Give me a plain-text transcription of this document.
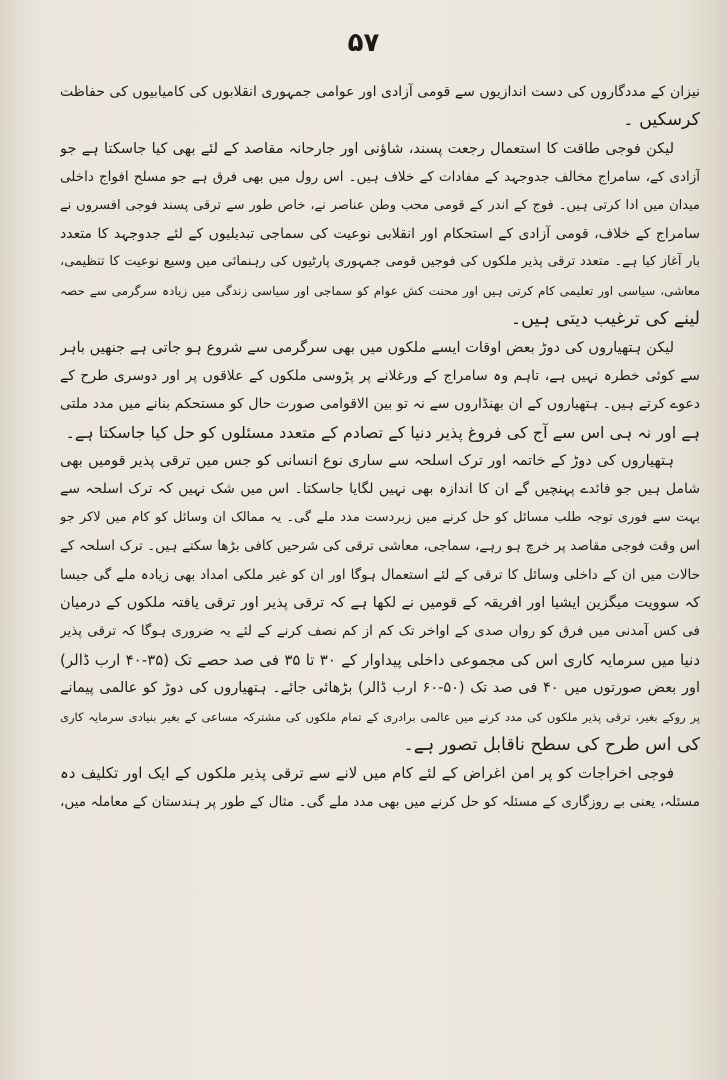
۵۷
نیزان کے مددگاروں کی دست اندازیوں سے قومی آزادی اور عوامی جمہوری انقلابوں کی کامیابیوں کی حفاظت
کرسکیں ۔
لیکن فوجی طاقت کا استعمال رجعت پسند، شاؤنی اور جارحانہ مقاصد کے لئے بھی کیا جاسکتا ہے جو
آزادی کے، سامراج مخالف جدوجہد کے مفادات کے خلاف ہیں۔ اس رول میں بھی فرق ہے جو مسلح افواج داخلی
میدان میں ادا کرتی ہیں۔ فوج کے اندر کے قومی محب وطن عناصر نے، خاص طور سے ترقی پسند فوجی افسروں نے
سامراج کے خلاف، قومی آزادی کے استحکام اور انقلابی نوعیت کی سماجی تبدیلیوں کے لئے جدوجہد کا متعدد
بار آغاز کیا ہے۔ متعدد ترقی پذیر ملکوں کی فوجیں قومی جمہوری پارٹیوں کی رہنمائی میں وسیع نوعیت کا تنظیمی،
معاشی، سیاسی اور تعلیمی کام کرتی ہیں اور محنت کش عوام کو سماجی اور سیاسی زندگی میں زیادہ سرگرمی سے حصہ
لینے کی ترغیب دیتی ہیں۔
لیکن ہتھیاروں کی دوڑ بعض اوقات ایسے ملکوں میں بھی سرگرمی سے شروع ہو جاتی ہے جنھیں باہر
سے کوئی خطرہ نہیں ہے، تاہم وہ سامراج کے ورغلانے پر پڑوسی ملکوں کے علاقوں پر اور دوسری طرح کے
دعوے کرتے ہیں۔ ہتھیاروں کے ان بھنڈاروں سے نہ تو بین الاقوامی صورت حال کو مستحکم بنانے میں مدد ملتی
ہے اور نہ ہی اس سے آج کی فروغ پذیر دنیا کے تصادم کے متعدد مسئلوں کو حل کیا جاسکتا ہے۔
ہتھیاروں کی دوڑ کے خاتمہ اور ترک اسلحہ سے ساری نوع انسانی کو جس میں ترقی پذیر قومیں بھی
شامل ہیں جو فائدے پہنچیں گے ان کا اندازہ بھی نہیں لگایا جاسکتا۔ اس میں شک نہیں کہ ترک اسلحہ سے
بہت سے فوری توجہ طلب مسائل کو حل کرنے میں زبردست مدد ملے گی۔ یہ ممالک ان وسائل کو کام میں لاکر جو
اس وقت فوجی مقاصد پر خرچ ہو رہے، سماجی، معاشی ترقی کی شرحیں کافی بڑھا سکتے ہیں۔ ترک اسلحہ کے
حالات میں ان کے داخلی وسائل کا ترقی کے لئے استعمال ہوگا اور ان کو غیر ملکی امداد بھی زیادہ ملے گی جیسا
کہ سوویت میگزین ایشیا اور افریقہ کے قومیں نے لکھا ہے کہ ترقی پذیر اور ترقی یافتہ ملکوں کے درمیان
فی کس آمدنی میں فرق کو رواں صدی کے اواخر تک کم از کم نصف کرنے کے لئے یہ ضروری ہوگا کہ ترقی پذیر
دنیا میں سرمایہ کاری اس کی مجموعی داخلی پیداوار کے ۳۰ تا ۳۵ فی صد حصے تک (۳۵-۴۰ ارب ڈالر)
اور بعض صورتوں میں ۴۰ فی صد تک (۵۰-۶۰ ارب ڈالر) بڑھائی جائے۔ ہتھیاروں کی دوڑ کو عالمی پیمانے
پر روکے بغیر، ترقی پذیر ملکوں کی مدد کرنے میں عالمی برادری کے تمام ملکوں کی مشترکہ مساعی کے بغیر بنیادی سرمایہ کاری
کی اس طرح کی سطح ناقابل تصور ہے۔
فوجی اخراجات کو پر امن اغراض کے لئے کام میں لانے سے ترقی پذیر ملکوں کے ایک اور تکلیف دہ
مسئلہ، یعنی بے روزگاری کے مسئلہ کو حل کرنے میں بھی مدد ملے گی۔ مثال کے طور پر ہندستان کے معاملہ میں،
